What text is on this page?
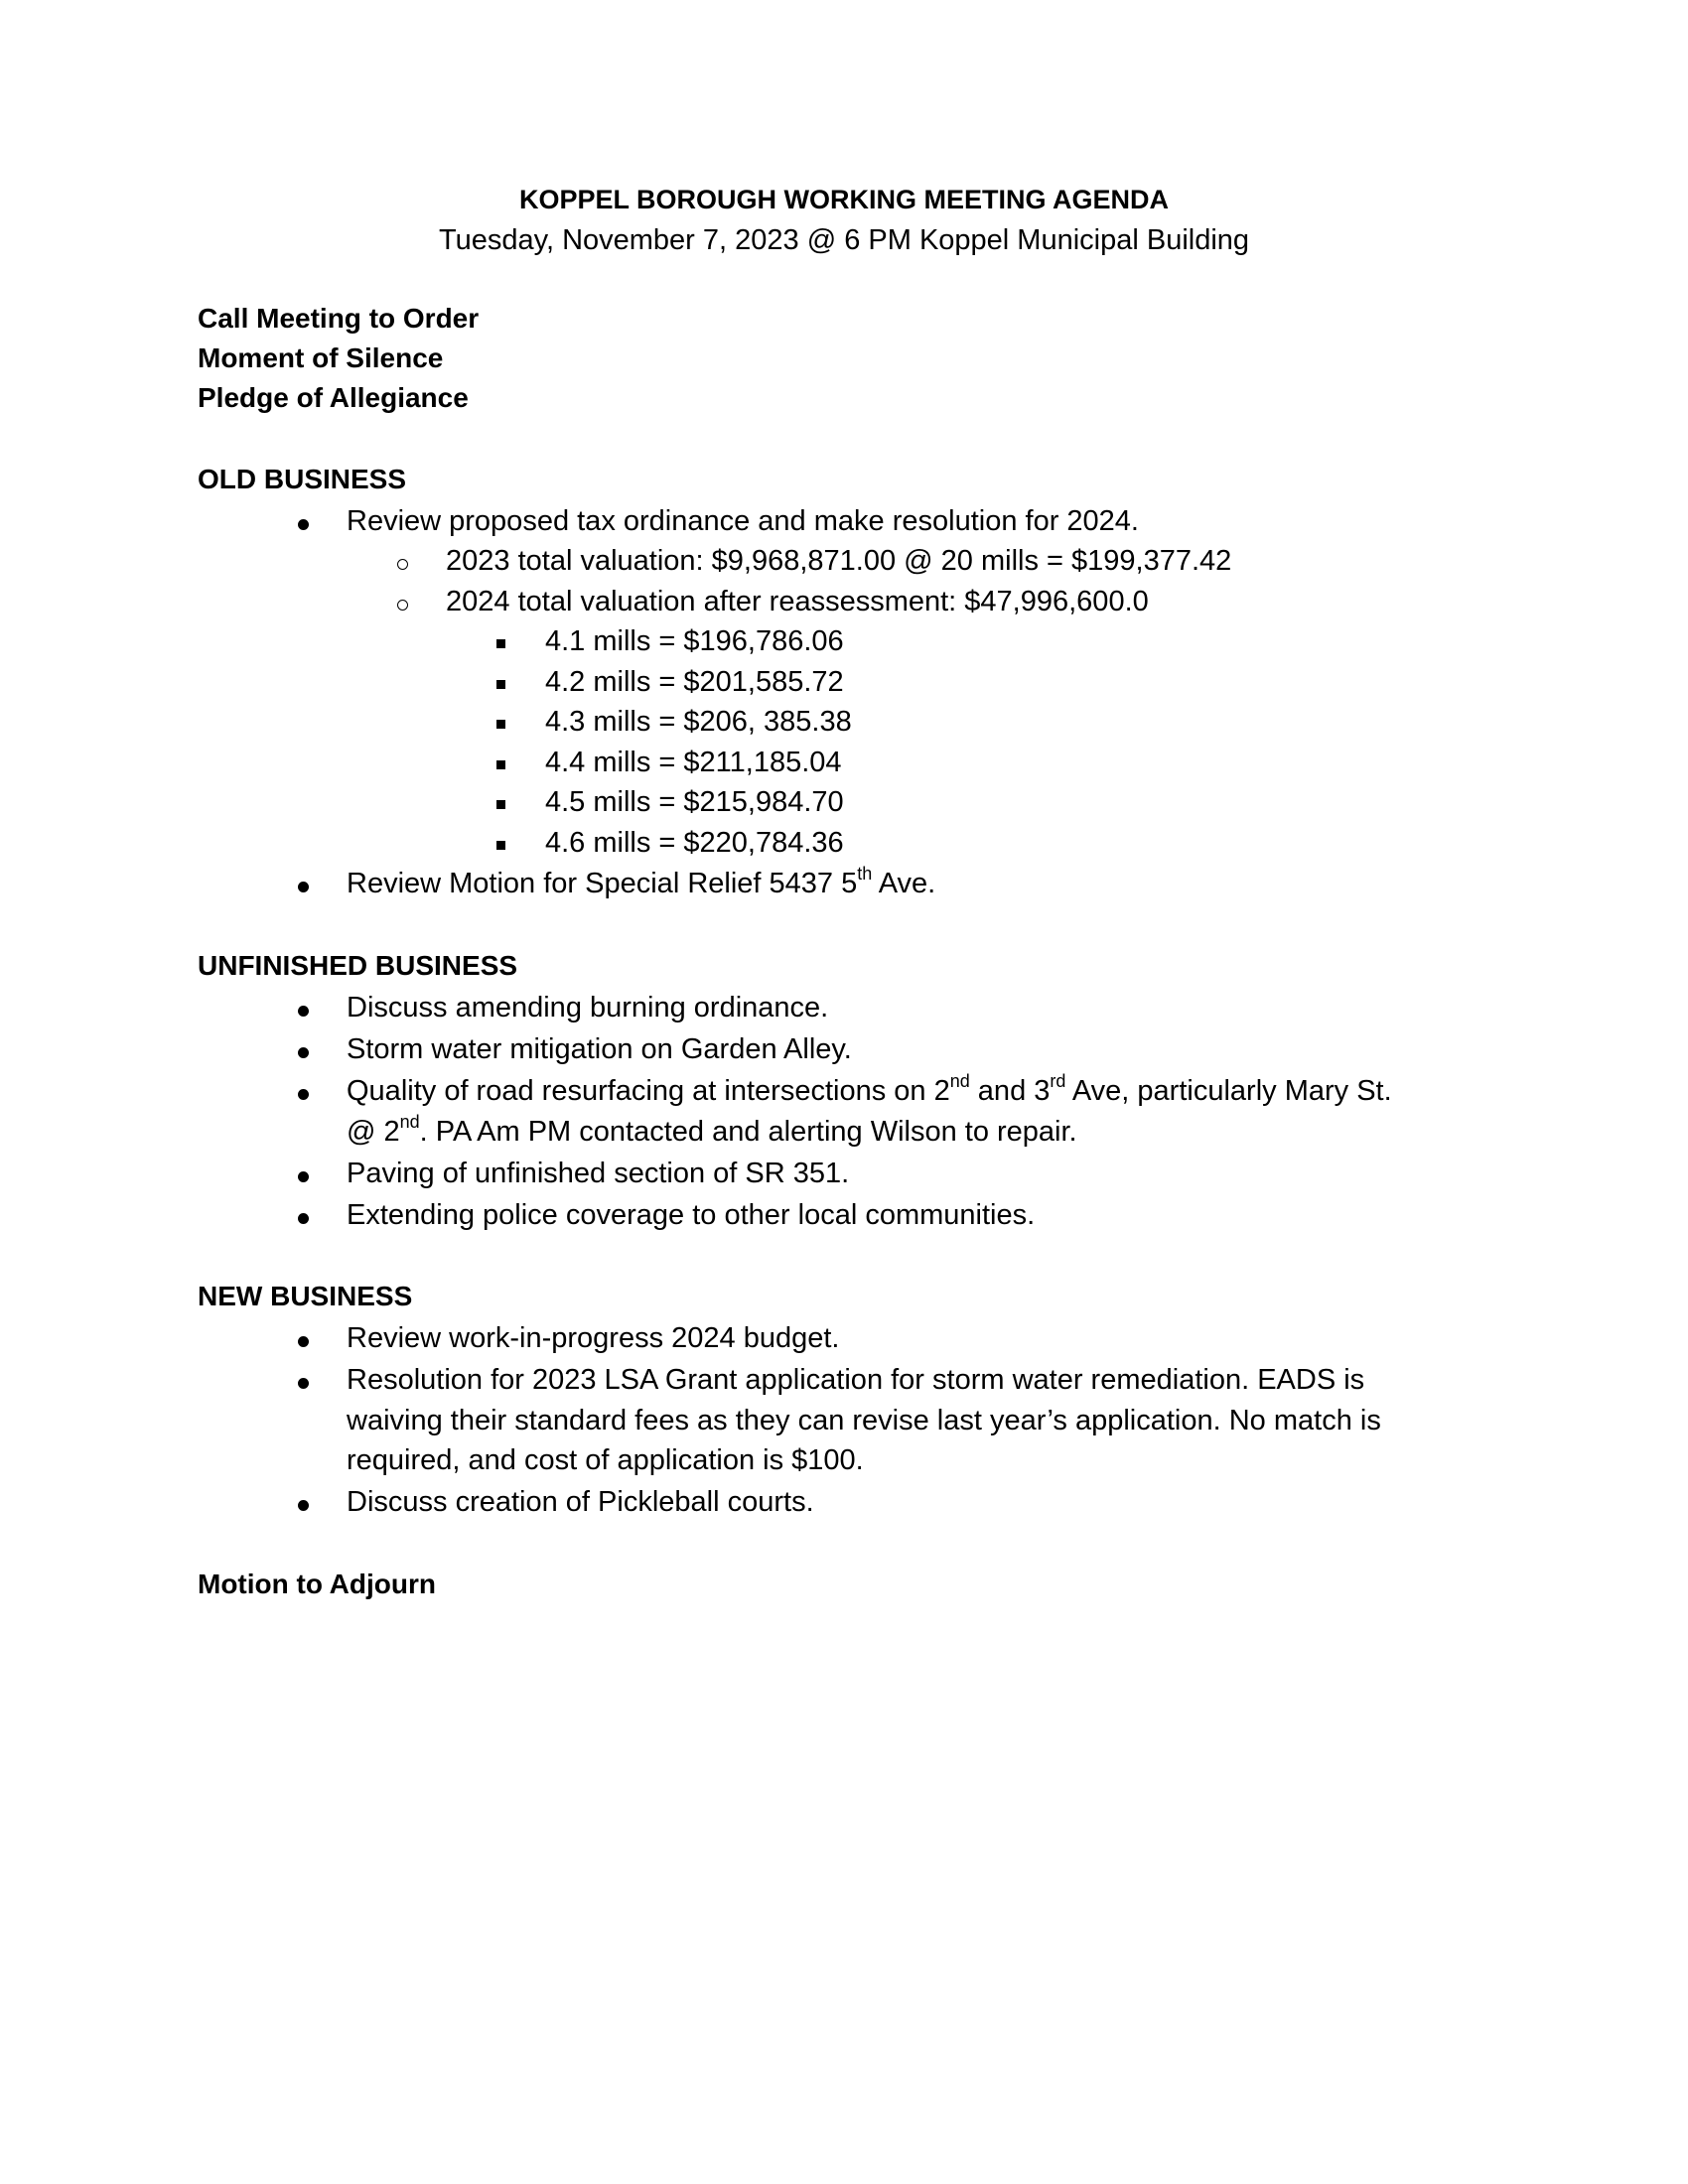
KOPPEL BOROUGH WORKING MEETING AGENDA
Tuesday, November 7, 2023 @ 6 PM Koppel Municipal Building
Call Meeting to Order
Moment of Silence
Pledge of Allegiance
OLD BUSINESS
Review proposed tax ordinance and make resolution for 2024.
2023 total valuation: $9,968,871.00 @ 20 mills = $199,377.42
2024 total valuation after reassessment: $47,996,600.0
4.1 mills = $196,786.06
4.2 mills = $201,585.72
4.3 mills = $206, 385.38
4.4 mills = $211,185.04
4.5 mills = $215,984.70
4.6 mills = $220,784.36
Review Motion for Special Relief 5437 5th Ave.
UNFINISHED BUSINESS
Discuss amending burning ordinance.
Storm water mitigation on Garden Alley.
Quality of road resurfacing at intersections on 2nd and 3rd Ave, particularly Mary St.
@ 2nd. PA Am PM contacted and alerting Wilson to repair.
Paving of unfinished section of SR 351.
Extending police coverage to other local communities.
NEW BUSINESS
Review work-in-progress 2024 budget.
Resolution for 2023 LSA Grant application for storm water remediation. EADS is
waiving their standard fees as they can revise last year’s application. No match is
required, and cost of application is $100.
Discuss creation of Pickleball courts.
Motion to Adjourn
